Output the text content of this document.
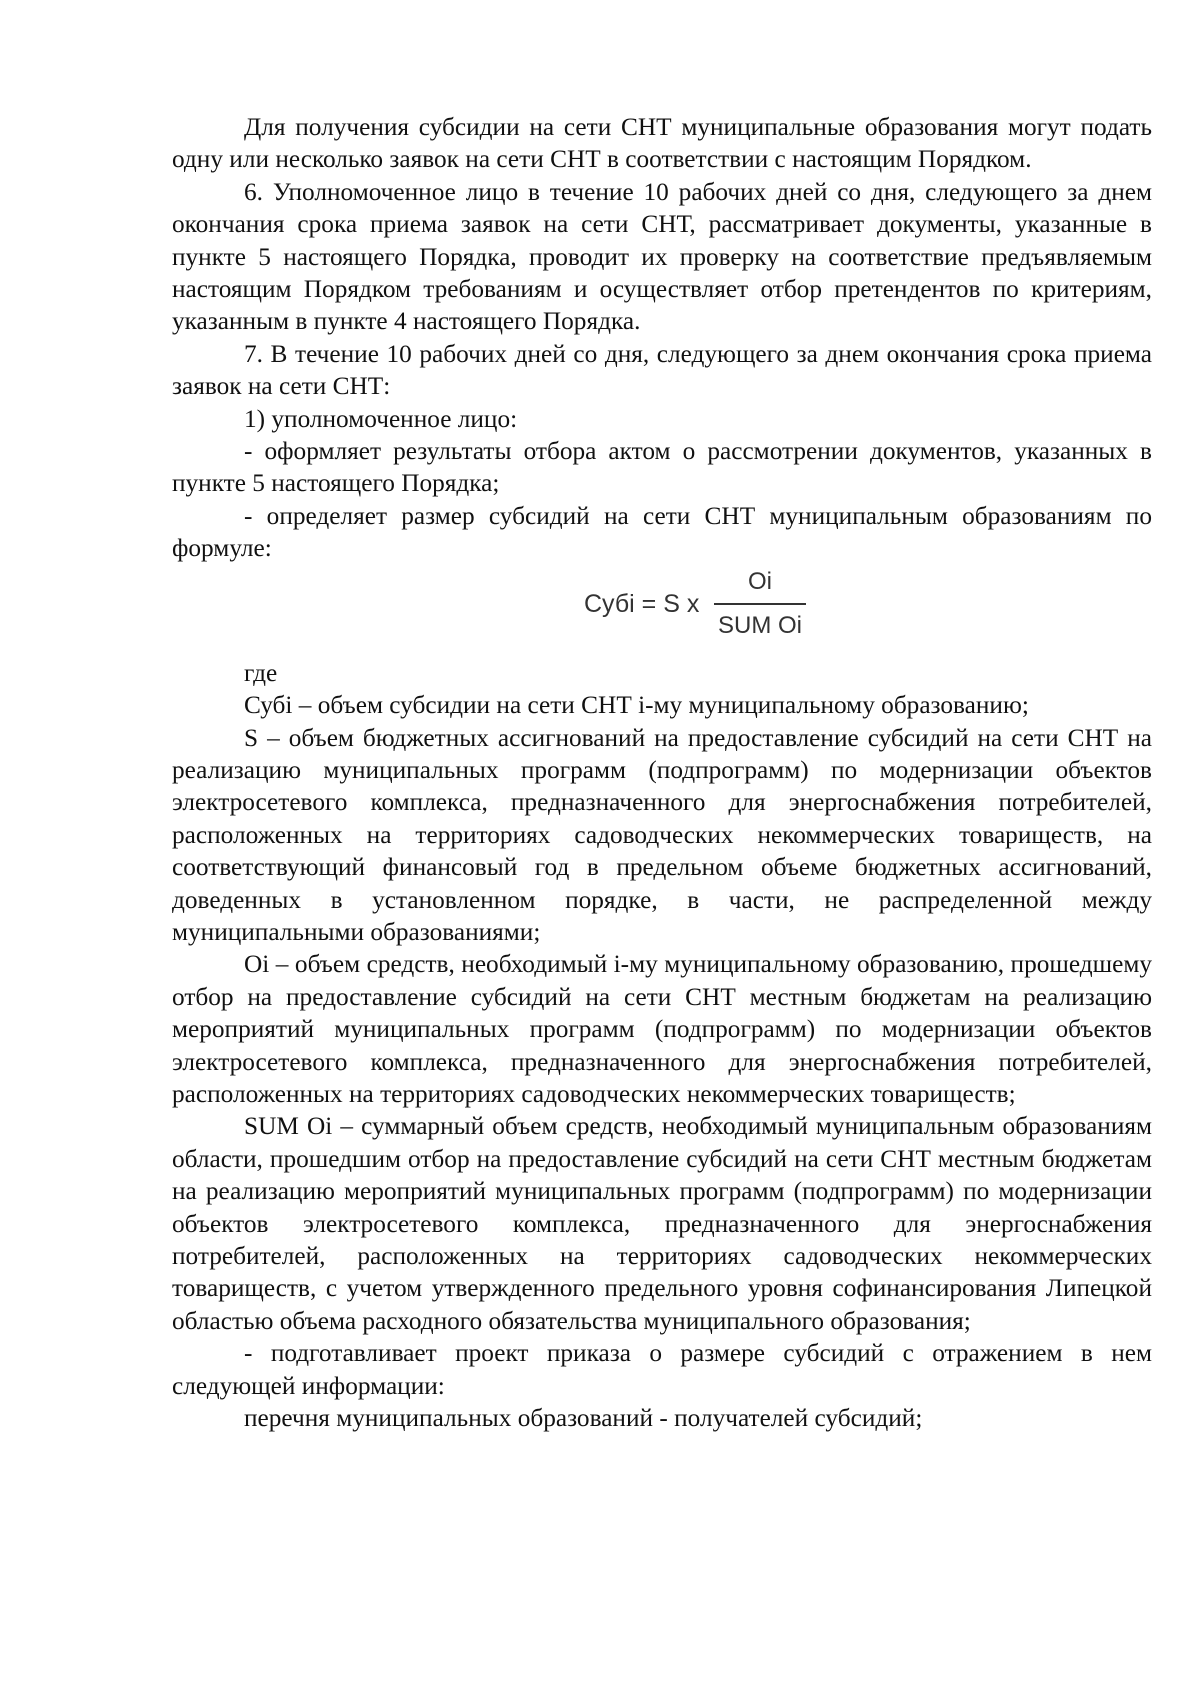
Для получения субсидии на сети СНТ муниципальные образования могут подать одну или несколько заявок на сети СНТ в соответствии с настоящим Порядком.

6. Уполномоченное лицо в течение 10 рабочих дней со дня, следующего за днем окончания срока приема заявок на сети СНТ, рассматривает документы, указанные в пункте 5 настоящего Порядка, проводит их проверку на соответствие предъявляемым настоящим Порядком требованиям и осуществляет отбор претендентов по критериям, указанным в пункте 4 настоящего Порядка.

7. В течение 10 рабочих дней со дня, следующего за днем окончания срока приема заявок на сети СНТ:

1) уполномоченное лицо:

- оформляет результаты отбора актом о рассмотрении документов, указанных в пункте 5 настоящего Порядка;

- определяет размер субсидий на сети СНТ муниципальным образованиям по формуле:

Субi = S x
Oi
SUM Oi

где

Субi – объем субсидии на сети СНТ i-му муниципальному образованию;

S – объем бюджетных ассигнований на предоставление субсидий на сети СНТ на реализацию муниципальных программ (подпрограмм) по модернизации объектов электросетевого комплекса, предназначенного для энергоснабжения потребителей, расположенных на территориях садоводческих некоммерческих товариществ, на соответствующий финансовый год в предельном объеме бюджетных ассигнований, доведенных в установленном порядке, в части, не распределенной между муниципальными образованиями;

Oi – объем средств, необходимый i-му муниципальному образованию, прошедшему отбор на предоставление субсидий на сети СНТ местным бюджетам на реализацию мероприятий муниципальных программ (подпрограмм) по модернизации объектов электросетевого комплекса, предназначенного для энергоснабжения потребителей, расположенных на территориях садоводческих некоммерческих товариществ;

SUM Oi – суммарный объем средств, необходимый муниципальным образованиям области, прошедшим отбор на предоставление субсидий на сети СНТ местным бюджетам на реализацию мероприятий муниципальных программ (подпрограмм) по модернизации объектов электросетевого комплекса, предназначенного для энергоснабжения потребителей, расположенных на территориях садоводческих некоммерческих товариществ, с учетом утвержденного предельного уровня софинансирования Липецкой областью объема расходного обязательства муниципального образования;

- подготавливает проект приказа о размере субсидий с отражением в нем следующей информации:

перечня муниципальных образований - получателей субсидий;
